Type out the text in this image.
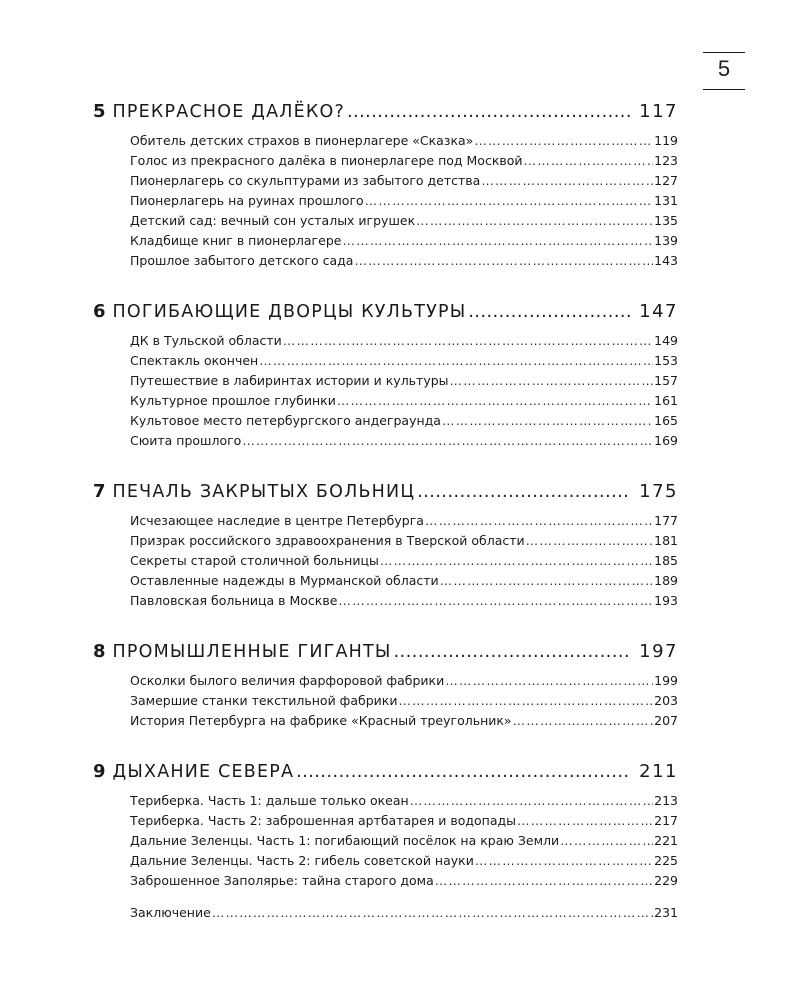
5
5 ПРЕКРАСНОЕ ДАЛЁКО? .....	117
Обитель детских страхов в пионерлагере «Сказка» …………………………………………………………………………………………………………………………………………………………………………………………………………………	119
Голос из прекрасного далёка в пионерлагере под Москвой …………………………………………………………………………………………………………………………………………………………………………………………………………………	123
Пионерлагерь со скульптурами из забытого детства …………………………………………………………………………………………………………………………………………………………………………………………………………………	127
Пионерлагерь на руинах прошлого …………………………………………………………………………………………………………………………………………………………………………………………………………………	131
Детский сад: вечный сон усталых игрушек …………………………………………………………………………………………………………………………………………………………………………………………………………………	135
Кладбище книг в пионерлагере …………………………………………………………………………………………………………………………………………………………………………………………………………………	139
Прошлое забытого детского сада …………………………………………………………………………………………………………………………………………………………………………………………………………………	143
6 ПОГИБАЮЩИЕ ДВОРЦЫ КУЛЬТУРЫ .....	147
ДК в Тульской области …………………………………………………………………………………………………………………………………………………………………………………………………………………	149
Спектакль окончен …………………………………………………………………………………………………………………………………………………………………………………………………………………	153
Путешествие в лабиринтах истории и культуры …………………………………………………………………………………………………………………………………………………………………………………………………………………	157
Культурное прошлое глубинки …………………………………………………………………………………………………………………………………………………………………………………………………………………	161
Культовое место петербургского андеграунда …………………………………………………………………………………………………………………………………………………………………………………………………………………	165
Сюита прошлого …………………………………………………………………………………………………………………………………………………………………………………………………………………	169
7 ПЕЧАЛЬ ЗАКРЫТЫХ БОЛЬНИЦ .....	175
Исчезающее наследие в центре Петербурга …………………………………………………………………………………………………………………………………………………………………………………………………………………	177
Призрак российского здравоохранения в Тверской области …………………………………………………………………………………………………………………………………………………………………………………………………………………	181
Секреты старой столичной больницы …………………………………………………………………………………………………………………………………………………………………………………………………………………	185
Оставленные надежды в Мурманской области …………………………………………………………………………………………………………………………………………………………………………………………………………………	189
Павловская больница в Москве …………………………………………………………………………………………………………………………………………………………………………………………………………………	193
8 ПРОМЫШЛЕННЫЕ ГИГАНТЫ .....	197
Осколки былого величия фарфоровой фабрики …………………………………………………………………………………………………………………………………………………………………………………………………………………	199
Замершие станки текстильной фабрики …………………………………………………………………………………………………………………………………………………………………………………………………………………	203
История Петербурга на фабрике «Красный треугольник» …………………………………………………………………………………………………………………………………………………………………………………………………………………	207
9 ДЫХАНИЕ СЕВЕРА .....	211
Териберка. Часть 1: дальше только океан …………………………………………………………………………………………………………………………………………………………………………………………………………………	213
Териберка. Часть 2: заброшенная артбатарея и водопады …………………………………………………………………………………………………………………………………………………………………………………………………………………	217
Дальние Зеленцы. Часть 1: погибающий посёлок на краю Земли …………………………………………………………………………………………………………………………………………………………………………………………………………………	221
Дальние Зеленцы. Часть 2: гибель советской науки …………………………………………………………………………………………………………………………………………………………………………………………………………………	225
Заброшенное Заполярье: тайна старого дома …………………………………………………………………………………………………………………………………………………………………………………………………………………	229
Заключение …………………………………………………………………………………………………………………………………………………………………………………………………………………	231
